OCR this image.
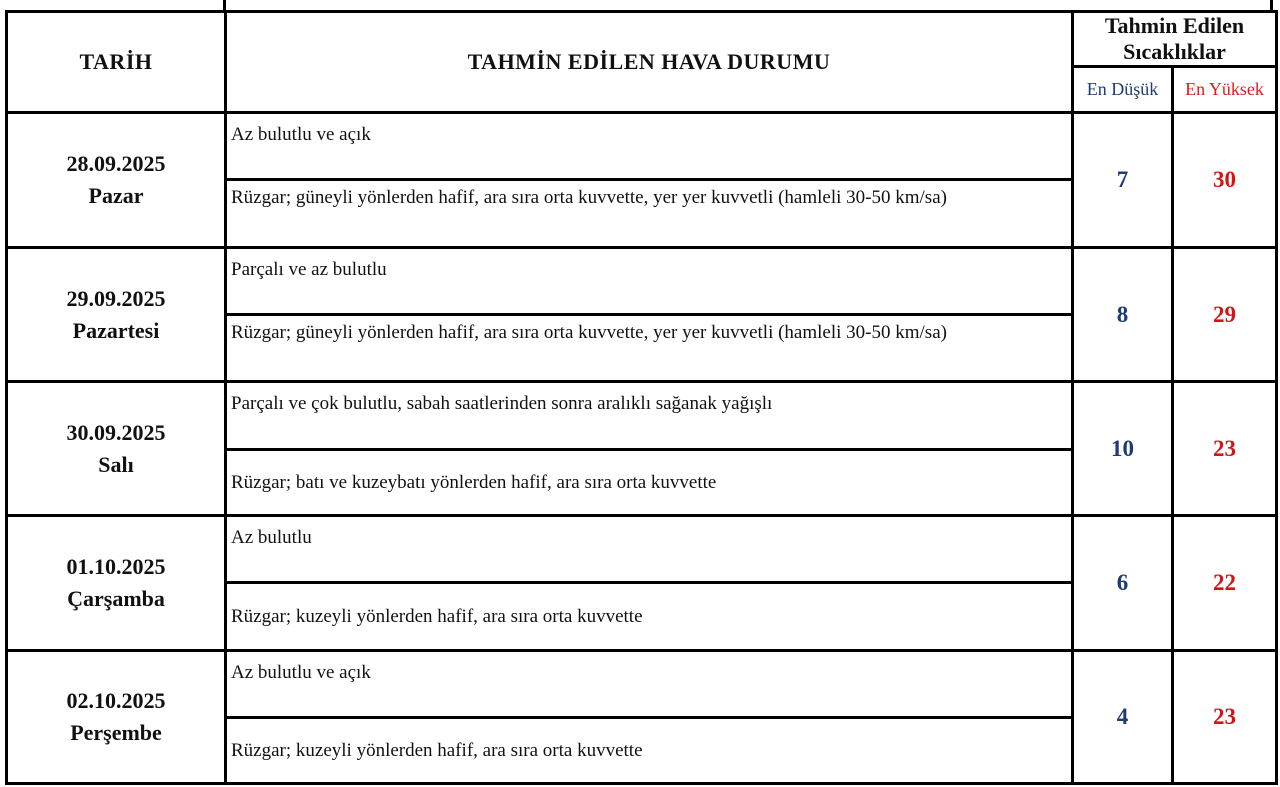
TARİH	TAHMİN EDİLEN HAVA DURUMU	Tahmin Edilen Sıcaklıklar	
		En Düşük	En Yüksek

28.09.2025
Pazar	Az bulutlu ve açık	7	30
	Rüzgar; güneyli yönlerden hafif, ara sıra orta kuvvette, yer yer kuvvetli (hamleli 30-50 km/sa)		

29.09.2025
Pazartesi	Parçalı ve az bulutlu	8	29
	Rüzgar; güneyli yönlerden hafif, ara sıra orta kuvvette, yer yer kuvvetli (hamleli 30-50 km/sa)		

30.09.2025
Salı	Parçalı ve çok bulutlu, sabah saatlerinden sonra aralıklı sağanak yağışlı	10	23
	Rüzgar; batı ve kuzeybatı yönlerden hafif, ara sıra orta kuvvette		

01.10.2025
Çarşamba	Az bulutlu	6	22
	Rüzgar; kuzeyli yönlerden hafif, ara sıra orta kuvvette		

02.10.2025
Perşembe	Az bulutlu ve açık	4	23
	Rüzgar; kuzeyli yönlerden hafif, ara sıra orta kuvvette		
